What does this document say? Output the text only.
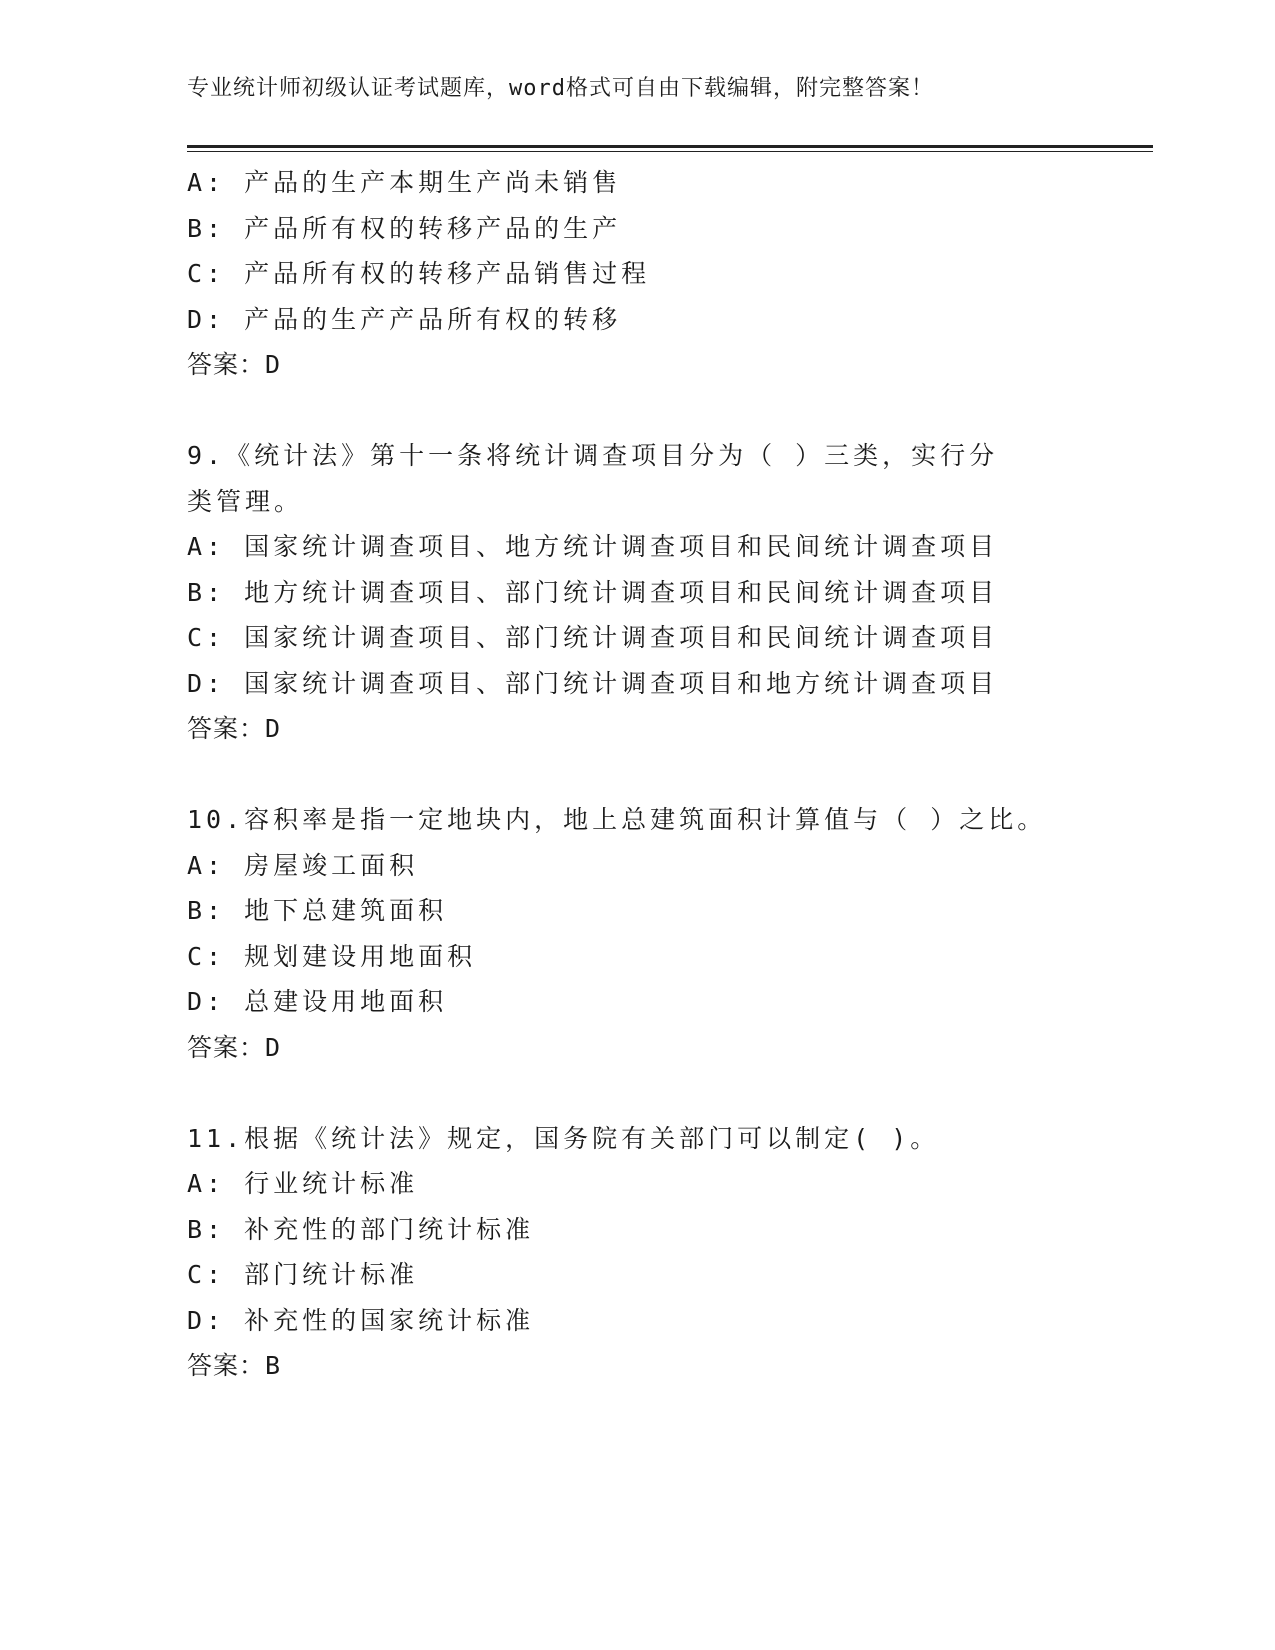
专业统计师初级认证考试题库，word格式可自由下载编辑，附完整答案！
A: 产品的生产本期生产尚未销售
B: 产品所有权的转移产品的生产
C: 产品所有权的转移产品销售过程
D: 产品的生产产品所有权的转移
答案：D
9.《统计法》第十一条将统计调查项目分为（ ）三类，实行分
类管理。
A: 国家统计调查项目、地方统计调查项目和民间统计调查项目
B: 地方统计调查项目、部门统计调查项目和民间统计调查项目
C: 国家统计调查项目、部门统计调查项目和民间统计调查项目
D: 国家统计调查项目、部门统计调查项目和地方统计调查项目
答案：D
10.容积率是指一定地块内，地上总建筑面积计算值与（ ）之比。
A: 房屋竣工面积
B: 地下总建筑面积
C: 规划建设用地面积
D: 总建设用地面积
答案：D
11.根据《统计法》规定，国务院有关部门可以制定( )。
A: 行业统计标准
B: 补充性的部门统计标准
C: 部门统计标准
D: 补充性的国家统计标准
答案：B
